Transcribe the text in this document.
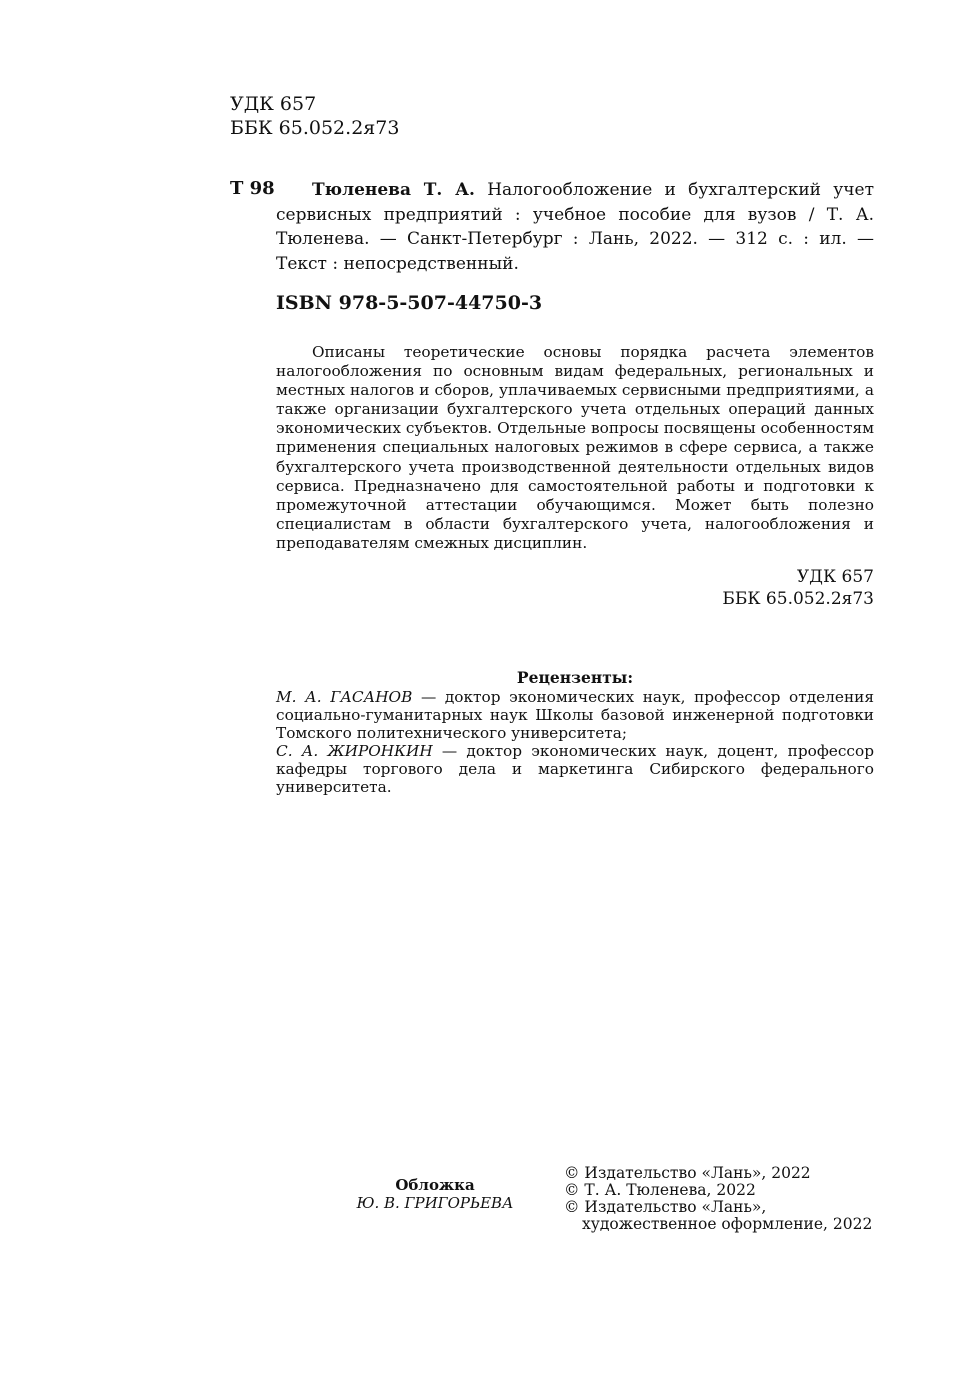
УДК 657
ББК 65.052.2я73
Т 98	Тюленева Т. А. Налогообложение и бухгалтерский учет сервисных предприятий : учебное пособие для вузов / Т. А. Тюленева. — Санкт-Петербург : Лань, 2022. — 312 с. : ил. — Текст : непосредственный.
ISBN 978-5-507-44750-3
Описаны теоретические основы порядка расчета элементов налогообложения по основным видам федеральных, региональных и местных налогов и сборов, уплачиваемых сервисными предприятиями, а также организации бухгалтерского учета отдельных операций данных экономических субъектов. Отдельные вопросы посвящены особенностям применения специальных налоговых режимов в сфере сервиса, а также бухгалтерского учета производственной деятельности отдельных видов сервиса. Предназначено для самостоятельной работы и подготовки к промежуточной аттестации обучающимся. Может быть полезно специалистам в области бухгалтерского учета, налогообложения и преподавателям смежных дисциплин.
УДК 657
ББК 65.052.2я73
Рецензенты:

М. А. ГАСАНОВ — доктор экономических наук, профессор отделения социально-гуманитарных наук Школы базовой инженерной подготовки Томского политехнического университета;

С. А. ЖИРОНКИН — доктор экономических наук, доцент, профессор кафедры торгового дела и маркетинга Сибирского федерального университета.

Обложка
Ю. В. ГРИГОРЬЕВА
© Издательство «Лань», 2022
© Т. А. Тюленева, 2022
© Издательство «Лань»,
художественное оформление, 2022
